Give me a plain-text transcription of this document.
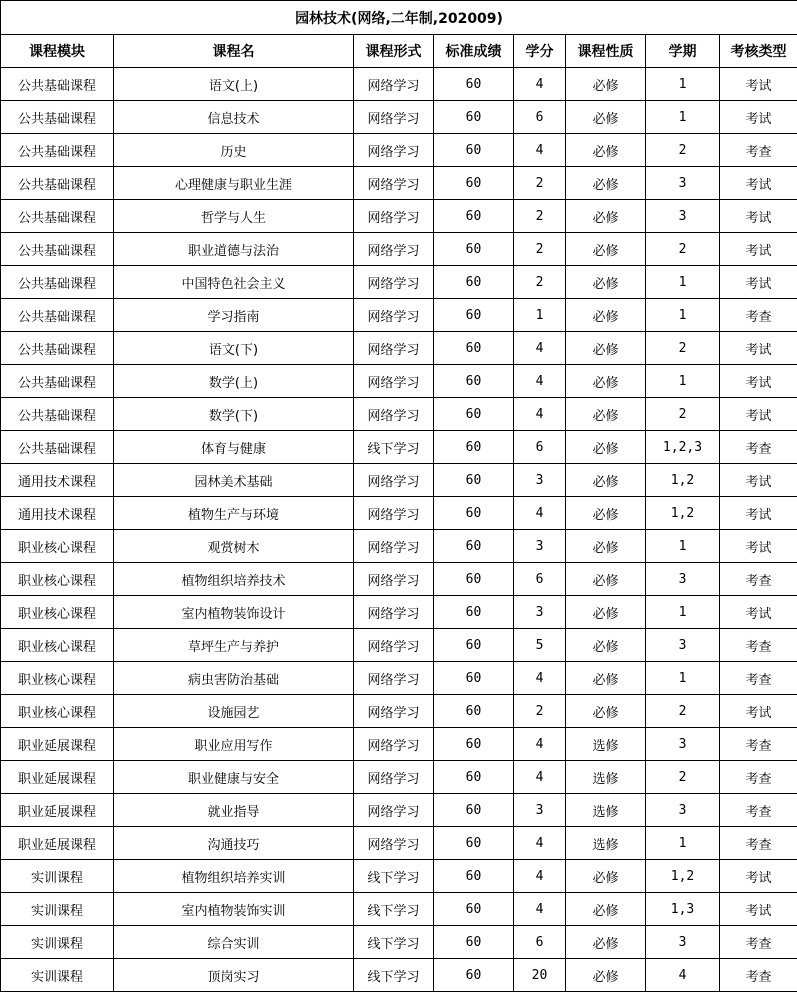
园林技术(网络,二年制,202009)							
课程模块	课程名	课程形式	标准成绩	学分	课程性质	学期	考核类型
公共基础课程	语文(上)	网络学习	60	4	必修	1	考试
公共基础课程	信息技术	网络学习	60	6	必修	1	考试
公共基础课程	历史	网络学习	60	4	必修	2	考查
公共基础课程	心理健康与职业生涯	网络学习	60	2	必修	3	考试
公共基础课程	哲学与人生	网络学习	60	2	必修	3	考试
公共基础课程	职业道德与法治	网络学习	60	2	必修	2	考试
公共基础课程	中国特色社会主义	网络学习	60	2	必修	1	考试
公共基础课程	学习指南	网络学习	60	1	必修	1	考查
公共基础课程	语文(下)	网络学习	60	4	必修	2	考试
公共基础课程	数学(上)	网络学习	60	4	必修	1	考试
公共基础课程	数学(下)	网络学习	60	4	必修	2	考试
公共基础课程	体育与健康	线下学习	60	6	必修	1,2,3	考查
通用技术课程	园林美术基础	网络学习	60	3	必修	1,2	考试
通用技术课程	植物生产与环境	网络学习	60	4	必修	1,2	考试
职业核心课程	观赏树木	网络学习	60	3	必修	1	考试
职业核心课程	植物组织培养技术	网络学习	60	6	必修	3	考查
职业核心课程	室内植物装饰设计	网络学习	60	3	必修	1	考试
职业核心课程	草坪生产与养护	网络学习	60	5	必修	3	考查
职业核心课程	病虫害防治基础	网络学习	60	4	必修	1	考查
职业核心课程	设施园艺	网络学习	60	2	必修	2	考试
职业延展课程	职业应用写作	网络学习	60	4	选修	3	考查
职业延展课程	职业健康与安全	网络学习	60	4	选修	2	考查
职业延展课程	就业指导	网络学习	60	3	选修	3	考查
职业延展课程	沟通技巧	网络学习	60	4	选修	1	考查
实训课程	植物组织培养实训	线下学习	60	4	必修	1,2	考试
实训课程	室内植物装饰实训	线下学习	60	4	必修	1,3	考试
实训课程	综合实训	线下学习	60	6	必修	3	考查
实训课程	顶岗实习	线下学习	60	20	必修	4	考查
